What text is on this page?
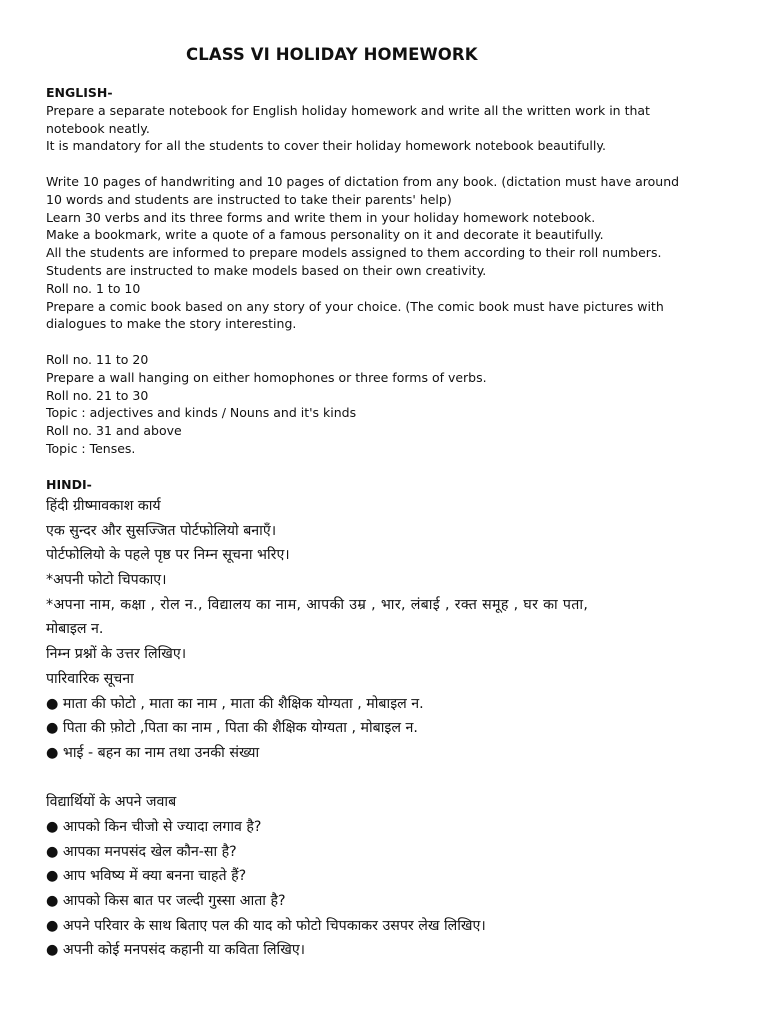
CLASS VI HOLIDAY HOMEWORK
ENGLISH-
Prepare a separate notebook for English holiday homework and write all the written work in that
notebook neatly.
It is mandatory for all the students to cover their holiday homework notebook beautifully.
Write 10 pages of handwriting and 10 pages of dictation from any book. (dictation must have around
10 words and students are instructed to take their parents' help)
Learn 30 verbs and its three forms and write them in your holiday homework notebook.
Make a bookmark, write a quote of a famous personality on it and decorate it beautifully.
All the students are informed to prepare models assigned to them according to their roll numbers.
Students are instructed to make models based on their own creativity.
Roll no. 1 to 10
Prepare a comic book based on any story of your choice. (The comic book must have pictures with
dialogues to make the story interesting.
Roll no. 11 to 20
Prepare a wall hanging on either homophones or three forms of verbs.
Roll no. 21 to 30
Topic : adjectives and kinds / Nouns and it's kinds
Roll no. 31 and above
Topic : Tenses.
HINDI-
हिंदी ग्रीष्मावकाश कार्य
एक सुन्दर और सुसज्जित पोर्टफोलियो बनाएँ।
पोर्टफोलियो के पहले पृष्ठ पर निम्न सूचना भरिए।
*अपनी फोटो चिपकाए।
*अपना नाम, कक्षा , रोल न., विद्यालय का नाम, आपकी उम्र , भार, लंबाई , रक्त समूह , घर का पता,
मोबाइल न.
निम्न प्रश्नों के उत्तर लिखिए।
पारिवारिक सूचना
● माता की फोटो , माता का नाम , माता की शैक्षिक योग्यता , मोबाइल न.
● पिता की फ़ोटो ,पिता का नाम , पिता की शैक्षिक योग्यता , मोबाइल न.
● भाई - बहन का नाम तथा उनकी संख्या
विद्यार्थियों के अपने जवाब
● आपको किन चीजो से ज्यादा लगाव है?
● आपका मनपसंद खेल कौन-सा है?
● आप भविष्य में क्या बनना चाहते हैं?
● आपको किस बात पर जल्दी गुस्सा आता है?
● अपने परिवार के साथ बिताए पल की याद को फोटो चिपकाकर उसपर लेख लिखिए।
● अपनी कोई मनपसंद कहानी या कविता लिखिए।
